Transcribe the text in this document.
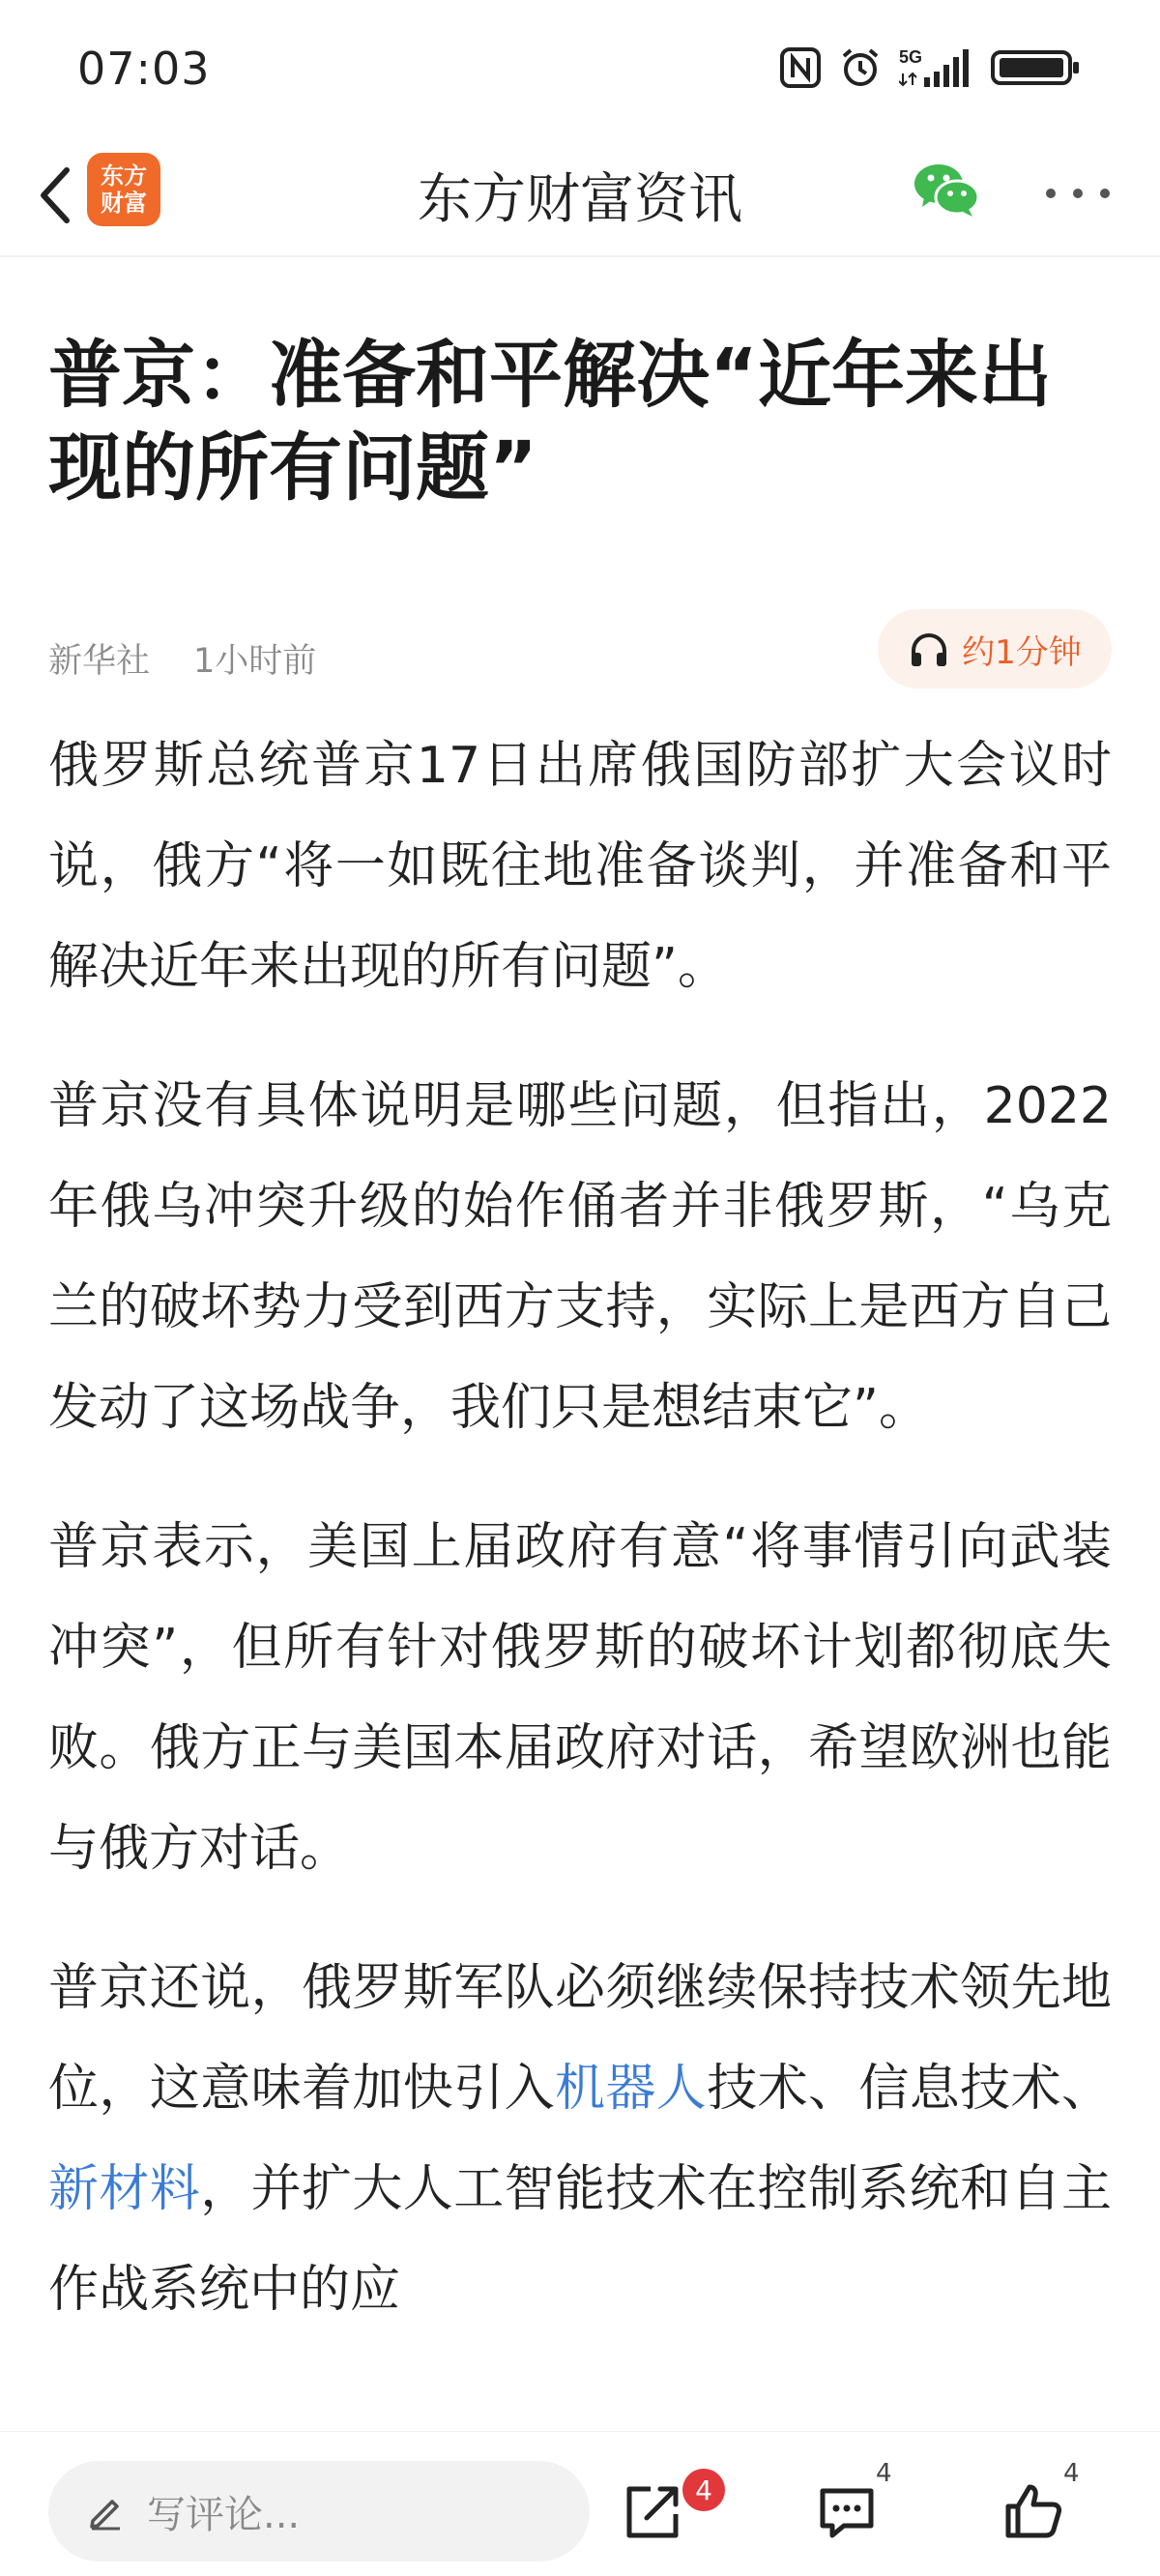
07:03	5G
东方财富资讯
东方
财富
普京：准备和平解决“近年来出现的所有问题”
新华社 1小时前	约1分钟

俄罗斯总统普京17日出席俄国防部扩大会议时说，俄方“将一如既往地准备谈判，并准备和平解决近年来出现的所有问题”。

普京没有具体说明是哪些问题，但指出，2022年俄乌冲突升级的始作俑者并非俄罗斯，“乌克兰的破坏势力受到西方支持，实际上是西方自己发动了这场战争，我们只是想结束它”。

普京表示，美国上届政府有意“将事情引向武装冲突”，但所有针对俄罗斯的破坏计划都彻底失败。俄方正与美国本届政府对话，希望欧洲也能与俄方对话。

普京还说，俄罗斯军队必须继续保持技术领先地位，这意味着加快引入机器人技术、信息技术、新材料，并扩大人工智能技术在控制系统和自主作战系统中的应

写评论...
4
4	4
